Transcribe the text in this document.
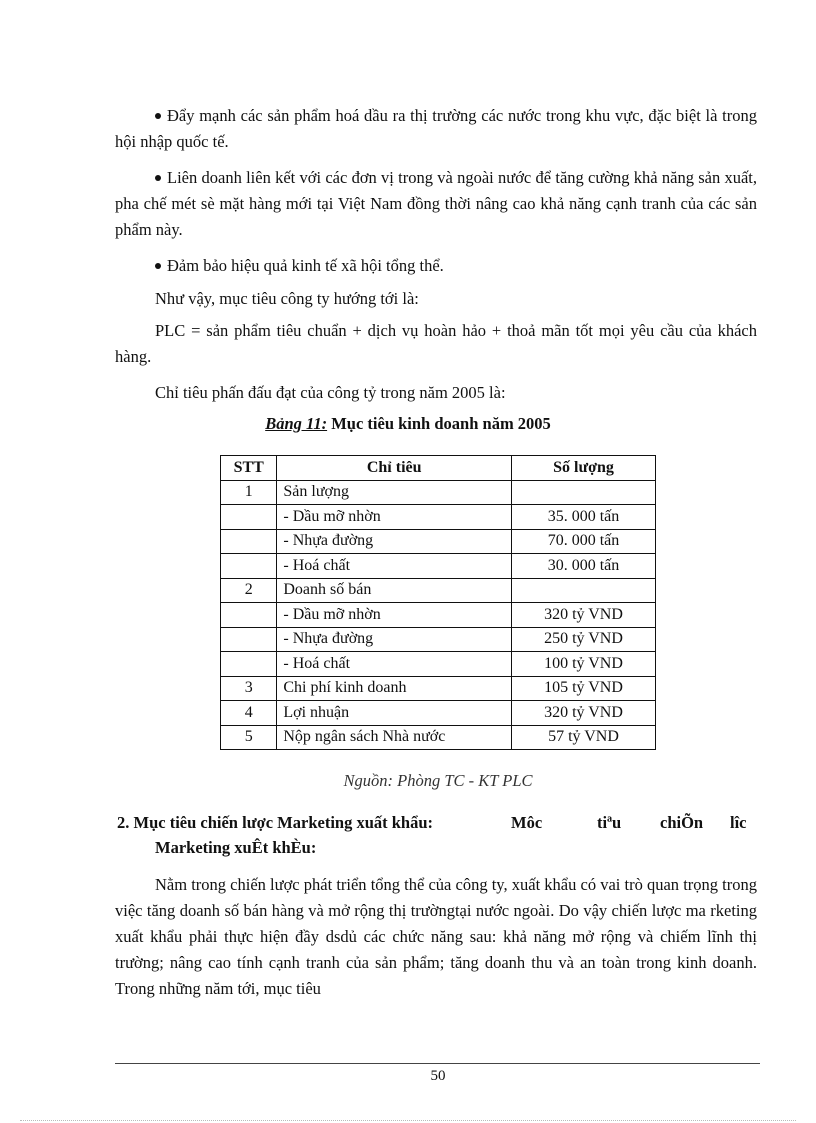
Đẩy mạnh các sản phẩm hoá dầu ra thị trường các nước trong khu vực, đặc biệt là trong hội nhập quốc tế.

Liên doanh liên kết với các đơn vị trong và ngoài nước để tăng cường khả năng sản xuất, pha chế mét sè mặt hàng mới tại Việt Nam đồng thời nâng cao khả năng cạnh tranh của các sản phẩm này.

Đảm bảo hiệu quả kinh tế xã hội tổng thể.

Như vậy, mục tiêu công ty hướng tới là:

PLC = sản phẩm tiêu chuẩn + dịch vụ hoàn hảo + thoả mãn tốt mọi yêu cầu của khách hàng.

Chỉ tiêu phấn đấu đạt của công tỷ trong năm 2005 là:

Bảng 11: Mục tiêu kinh doanh năm 2005
STT	Chỉ tiêu	Số lượng
1	Sản lượng	
	- Dầu mỡ nhờn	35. 000 tấn
	- Nhựa đường	70. 000 tấn
	- Hoá chất	30. 000 tấn
2	Doanh số bán	
	- Dầu mỡ nhờn	320 tỷ VND
	- Nhựa đường	250 tỷ VND
	- Hoá chất	100 tỷ VND
3	Chi phí kinh doanh	105 tỷ VND
4	Lợi nhuận	320 tỷ VND
5	Nộp ngân sách Nhà nước	57 tỷ VND
Nguồn: Phòng TC - KT PLC
2. Mục tiêu chiến lược Marketing xuất khẩu:	Môc	tiªu chiÕn lîc
Marketing xuÊt khÈu:

Nằm trong chiến lược phát triển tổng thể của công ty, xuất khẩu có vai trò quan trọng trong việc tăng doanh số bán hàng và mở rộng thị trườngtại nước ngoài. Do vậy chiến lược ma rketing xuất khẩu phải thực hiện đầy dsdủ các chức năng sau: khả năng mở rộng và chiếm lĩnh thị trường; nâng cao tính cạnh tranh của sản phẩm; tăng doanh thu và an toàn trong kinh doanh. Trong những năm tới, mục tiêu

50
